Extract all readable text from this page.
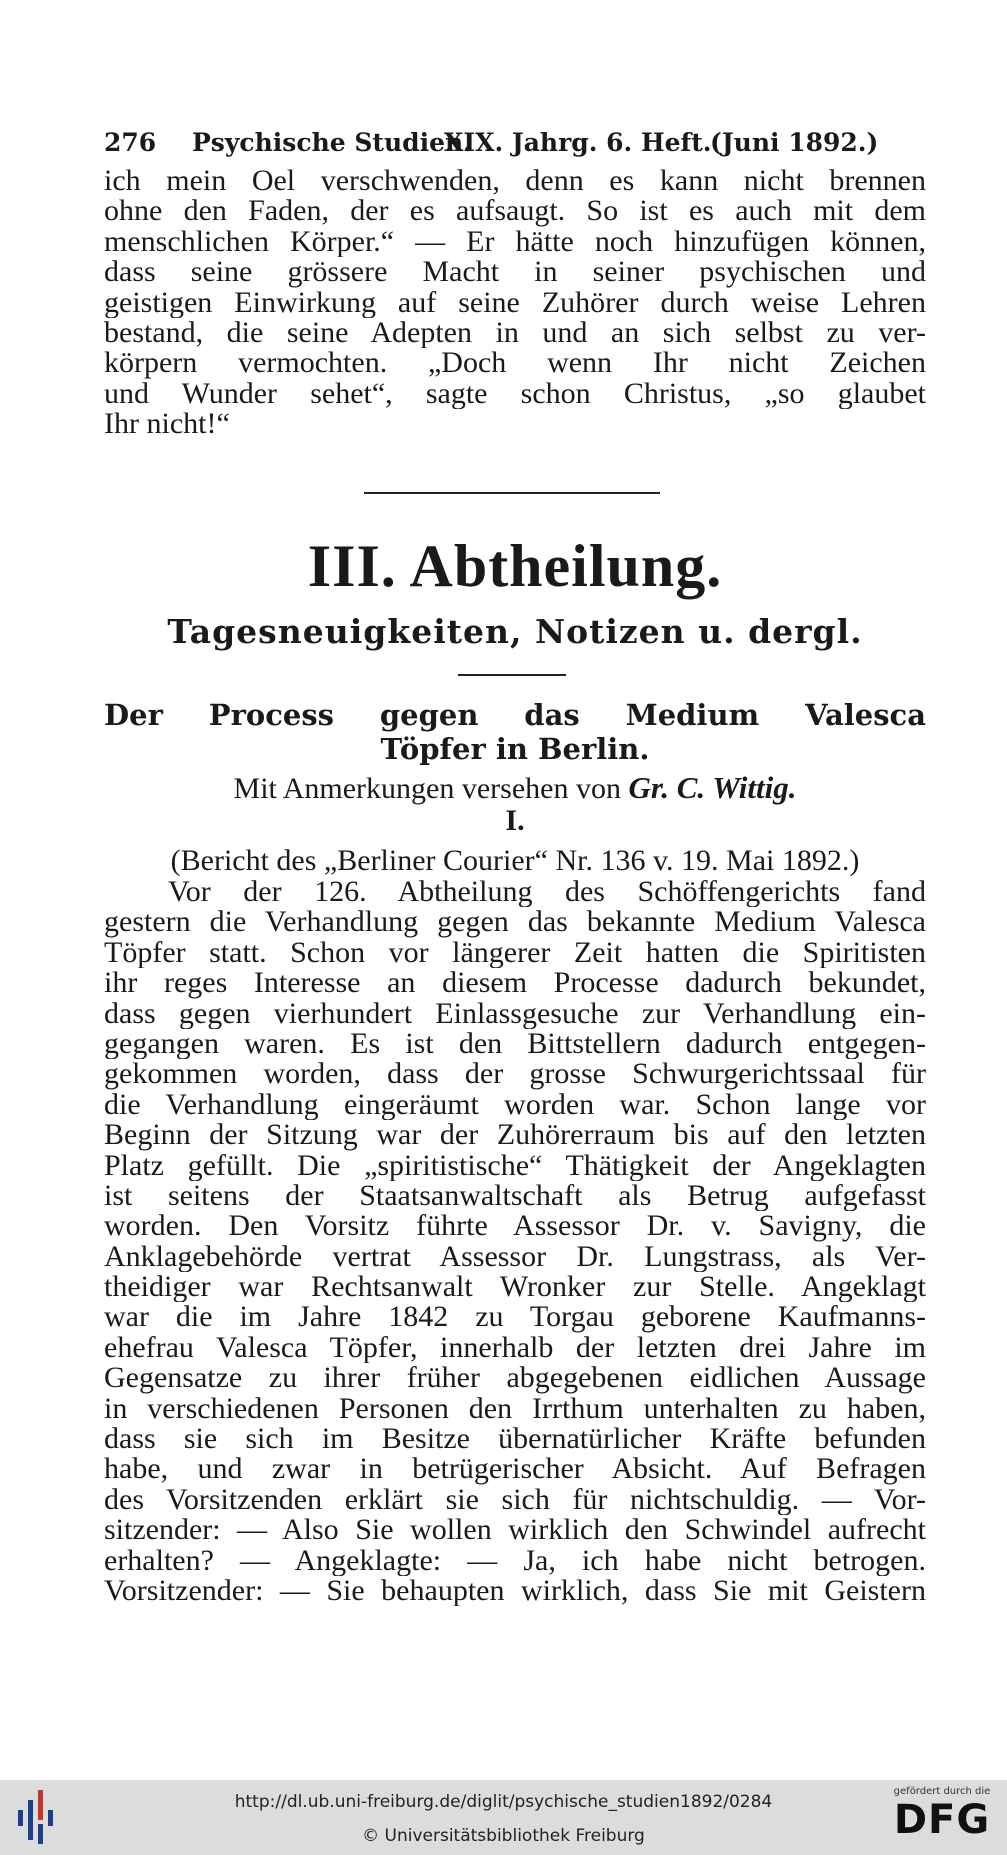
276 Psychische Studien.
XIX. Jahrg. 6. Heft.
(Juni 1892.)
ich mein Oel verschwenden, denn es kann nicht brennen
ohne den Faden, der es aufsaugt. So ist es auch mit dem
menschlichen Körper.“ — Er hätte noch hinzufügen können,
dass seine grössere Macht in seiner psychischen und
geistigen Einwirkung auf seine Zuhörer durch weise Lehren
bestand, die seine Adepten in und an sich selbst zu ver-
körpern vermochten. „Doch wenn Ihr nicht Zeichen
und Wunder sehet“, sagte schon Christus, „so glaubet
Ihr nicht!“
III. Abtheilung.
Tagesneuigkeiten, Notizen u. dergl.
Der Process gegen das Medium Valesca
Töpfer in Berlin.
Mit Anmerkungen versehen von Gr. C. Wittig.
I.
(Bericht des „Berliner Courier“ Nr. 136 v. 19. Mai 1892.)
Vor der 126. Abtheilung des Schöffengerichts fand
gestern die Verhandlung gegen das bekannte Medium Valesca
Töpfer statt. Schon vor längerer Zeit hatten die Spiritisten
ihr reges Interesse an diesem Processe dadurch bekundet,
dass gegen vierhundert Einlassgesuche zur Verhandlung ein-
gegangen waren. Es ist den Bittstellern dadurch entgegen-
gekommen worden, dass der grosse Schwurgerichtssaal für
die Verhandlung eingeräumt worden war. Schon lange vor
Beginn der Sitzung war der Zuhörerraum bis auf den letzten
Platz gefüllt. Die „spiritistische“ Thätigkeit der Angeklagten
ist seitens der Staatsanwaltschaft als Betrug aufgefasst
worden. Den Vorsitz führte Assessor Dr. v. Savigny, die
Anklagebehörde vertrat Assessor Dr. Lungstrass, als Ver-
theidiger war Rechtsanwalt Wronker zur Stelle. Angeklagt
war die im Jahre 1842 zu Torgau geborene Kaufmanns-
ehefrau Valesca Töpfer, innerhalb der letzten drei Jahre im
Gegensatze zu ihrer früher abgegebenen eidlichen Aussage
in verschiedenen Personen den Irrthum unterhalten zu haben,
dass sie sich im Besitze übernatürlicher Kräfte befunden
habe, und zwar in betrügerischer Absicht. Auf Befragen
des Vorsitzenden erklärt sie sich für nichtschuldig. — Vor-
sitzender: — Also Sie wollen wirklich den Schwindel aufrecht
erhalten? — Angeklagte: — Ja, ich habe nicht betrogen.
Vorsitzender: — Sie behaupten wirklich, dass Sie mit Geistern
http://dl.ub.uni-freiburg.de/diglit/psychische_studien1892/0284
© Universitätsbibliothek Freiburg
gefördert durch die
DFG
